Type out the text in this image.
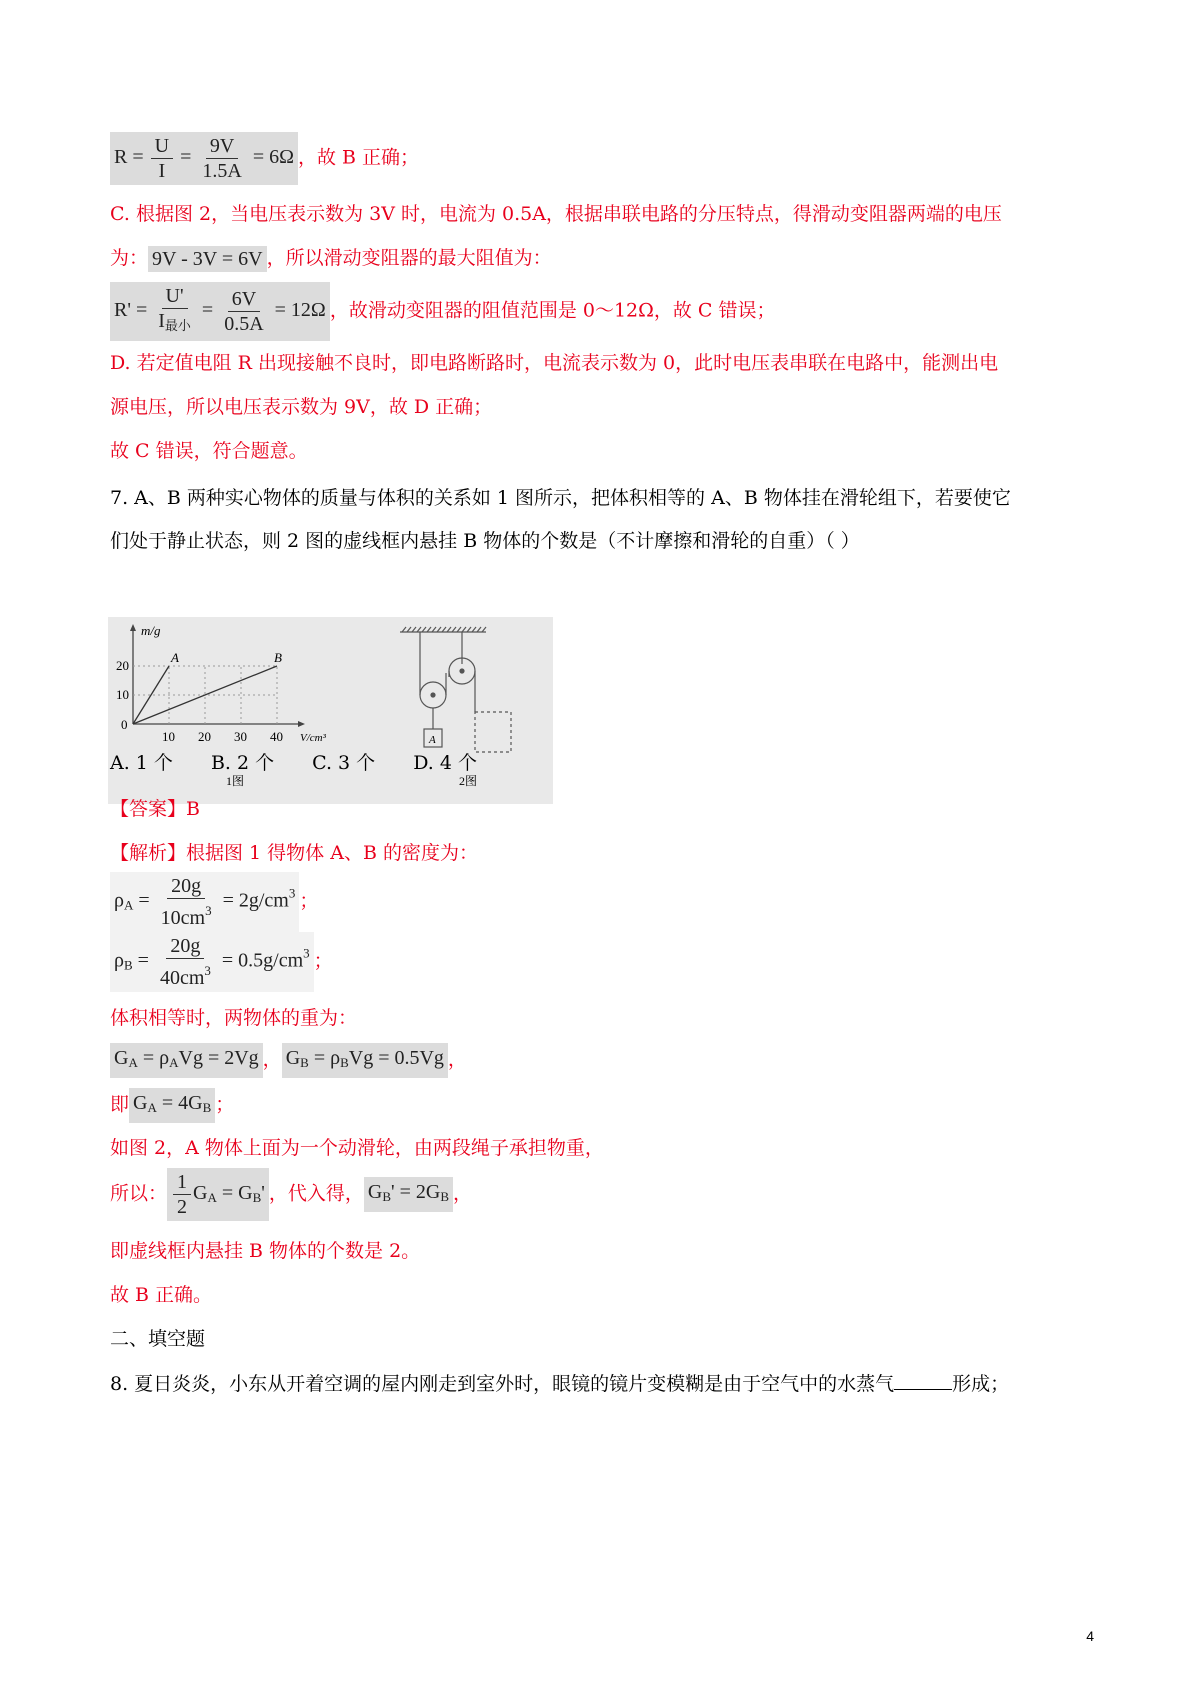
$R = \frac{U}{I} = \frac{9V}{1.5A} = 6\Omega$ ，故 B 正确；
C. 根据图 2，当电压表示数为 3V 时，电流为 0.5A，根据串联电路的分压特点，得滑动变阻器两端的电压
为： 9V - 3V = 6V ，所以滑动变阻器的最大阻值为：
$R' = \frac{U'}{I_{最小}} = \frac{6V}{0.5A} = 12\Omega$ ，故滑动变阻器的阻值范围是 0～12Ω，故 C 错误；
D. 若定值电阻 R 出现接触不良时，即电路断路时，电流表示数为 0，此时电压表串联在电路中，能测出电
源电压，所以电压表示数为 9V，故 D 正确；
故 C 错误，符合题意。
7. A、B 两种实心物体的质量与体积的关系如 1 图所示，把体积相等的 A、B 物体挂在滑轮组下，若要使它
们处于静止状态，则 2 图的虚线框内悬挂 B 物体的个数是（不计摩擦和滑轮的自重）（ ）
m/g
V/cm³
0
10 20 30 40
20
10
A	B
1图
A
2图
A. 1 个 B. 2 个 C. 3 个 D. 4 个
【答案】B
【解析】根据图 1 得物体 A、B 的密度为：
$\rho_A = \frac{20g}{10cm^3} = 2g/cm^3$ ；
$\rho_B = \frac{20g}{40cm^3} = 0.5g/cm^3$ ；
体积相等时，两物体的重为：
$G_A = \rho_AVg = 2Vg$ ， $G_B = \rho_BVg = 0.5Vg$ ，
即 $G_A = 4G_B$ ；
如图 2，A 物体上面为一个动滑轮，由两段绳子承担物重，
所以： $\frac{1}{2} G_A = G_B'$ ，代入得， $G_B' = 2G_B$ ，
即虚线框内悬挂 B 物体的个数是 2。
故 B 正确。
二、填空题
8. 夏日炎炎，小东从开着空调的屋内刚走到室外时，眼镜的镜片变模糊是由于空气中的水蒸气	形成；
4
